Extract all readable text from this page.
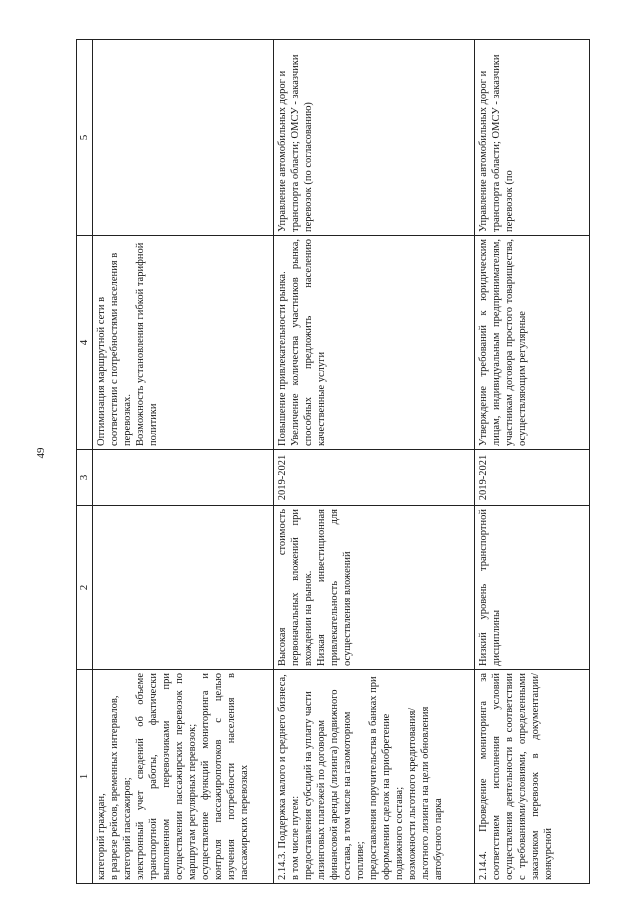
49
1	2	3	4	5

категорий граждан, в разрезе рейсов, временных интервалов, категорий пассажиров; электронный учет сведений об объеме транспортной работы, фактически выполненном перевозчиками при осуществлении пассажирских перевозок по маршрутам регулярных перевозок; осуществление функций мониторинга и контроля пассажиропотоков с целью изучения потребности населения в пассажирских перевозках			Оптимизация маршрутной сети в соответствии с потребностями населения в перевозках. Возможность установления гибкой тарифной политики	

2.14.3. Поддержка малого и среднего бизнеса, в том числе путем: предоставления субсидий на уплату части лизинговых платежей по договорам финансовой аренды (лизинга) подвижного состава, в том числе на газомоторном топливе; предоставления поручительства в банках при оформлении сделок на приобретение подвижного состава; возможности льготного кредитования/льготного лизинга на цели обновления автобусного парка	Высокая стоимость первоначальных вложений при вхождении на рынок. Низкая инвестиционная привлекательность для осуществления вложений	2019-2021	Повышение привлекательности рынка. Увеличение количества участников рынка, способных предложить населению качественные услуги	Управление автомобильных дорог и транспорта области; ОМСУ - заказчики перевозок (по согласованию)

2.14.4. Проведение мониторинга за соответствием исполнения условий осуществления деятельности в соответствии с требованиями/условиями, определенными заказчиком перевозок в документации/конкурсной	Низкий уровень транспортной дисциплины	2019-2021	Утверждение требований к юридическим лицам, индивидуальным предпринимателям, участникам договора простого товарищества, осуществляющим регулярные	Управление автомобильных дорог и транспорта области; ОМСУ - заказчики перевозок (по
